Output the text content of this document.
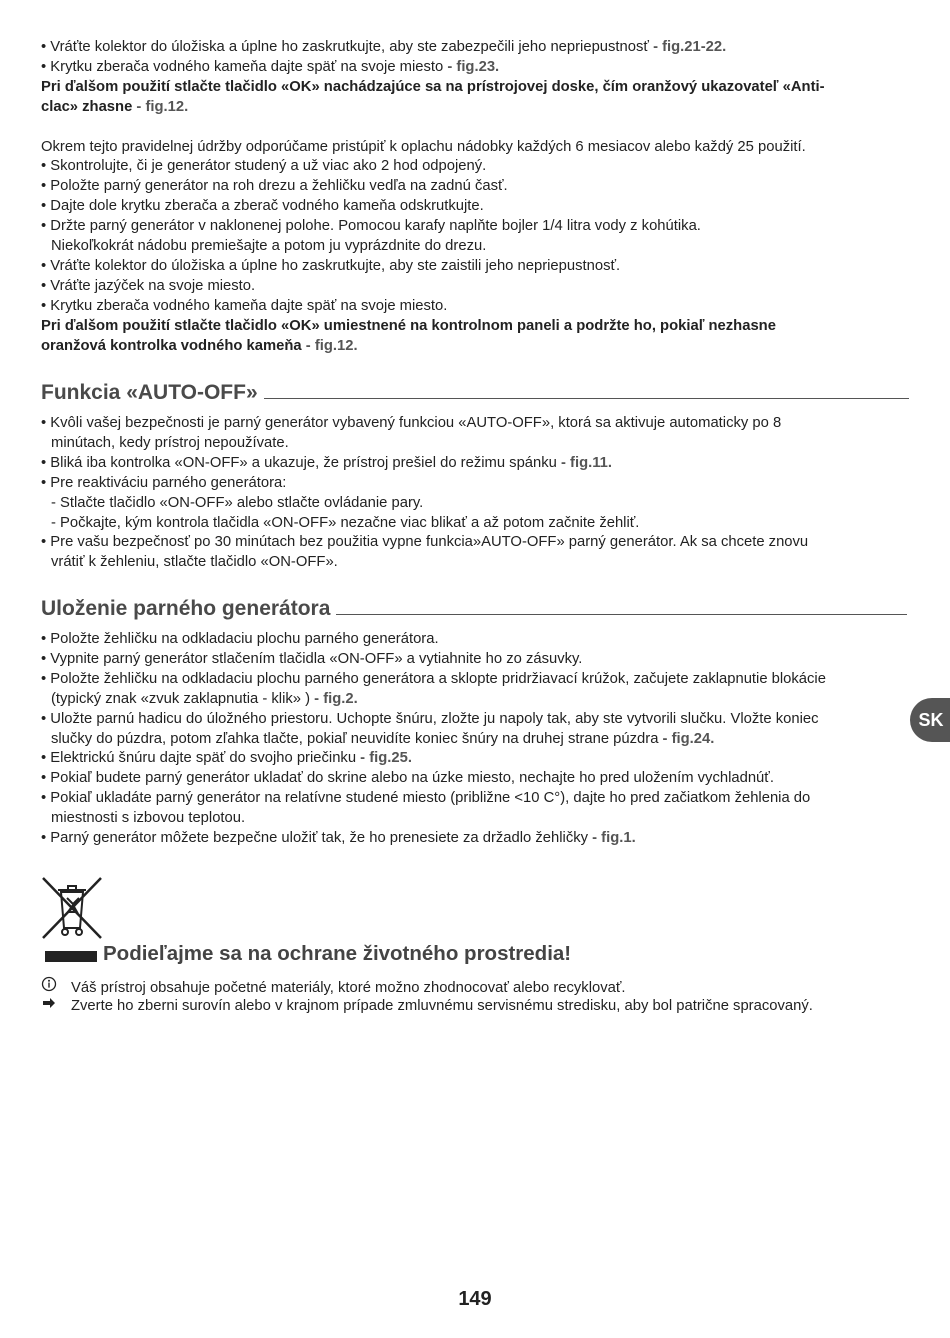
• Vráťte kolektor do úložiska a úplne ho zaskrutkujte, aby ste zabezpečili jeho nepriepustnosť - fig.21-22.

• Krytku zberača vodného kameňa dajte späť na svoje miesto - fig.23.

Pri ďalšom použití stlačte tlačidlo «OK» nachádzajúce sa na prístrojovej doske, čím oranžový ukazovateľ «Anti-

clac» zhasne - fig.12.

Okrem tejto pravidelnej údržby odporúčame pristúpiť k oplachu nádobky každých 6 mesiacov alebo každý 25 použití.

• Skontrolujte, či je generátor studený a už viac ako 2 hod odpojený.

• Položte parný generátor na roh drezu a žehličku vedľa na zadnú časť.

• Dajte dole krytku zberača a zberač vodného kameňa odskrutkujte.

• Držte parný generátor v naklonenej polohe. Pomocou karafy naplňte bojler 1/4 litra vody z kohútika.

Niekoľkokrát nádobu premiešajte a potom ju vyprázdnite do drezu.

• Vráťte kolektor do úložiska a úplne ho zaskrutkujte, aby ste zaistili jeho nepriepustnosť.

• Vráťte jazýček na svoje miesto.

• Krytku zberača vodného kameňa dajte späť na svoje miesto.

Pri ďalšom použití stlačte tlačidlo «OK» umiestnené na kontrolnom paneli a podržte ho, pokiaľ nezhasne

oranžová kontrolka vodného kameňa - fig.12.

Funkcia «AUTO-OFF»

• Kvôli vašej bezpečnosti je parný generátor vybavený funkciou «AUTO-OFF», ktorá sa aktivuje automaticky po 8

minútach, kedy prístroj nepoužívate.

• Bliká iba kontrolka «ON-OFF» a ukazuje, že prístroj prešiel do režimu spánku - fig.11.

• Pre reaktiváciu parného generátora:

- Stlačte tlačidlo «ON-OFF» alebo stlačte ovládanie pary.

- Počkajte, kým kontrola tlačidla «ON-OFF» nezačne viac blikať a až potom začnite žehliť.

• Pre vašu bezpečnosť po 30 minútach bez použitia vypne funkcia»AUTO-OFF» parný generátor. Ak sa chcete znovu

vrátiť k žehleniu, stlačte tlačidlo «ON-OFF».

Uloženie parného generátora

• Položte žehličku na odkladaciu plochu parného generátora.

• Vypnite parný generátor stlačením tlačidla «ON-OFF» a vytiahnite ho zo zásuvky.

• Položte žehličku na odkladaciu plochu parného generátora a sklopte pridržiavací krúžok, začujete zaklapnutie blokácie

(typický znak «zvuk zaklapnutia - klik» ) - fig.2.

• Uložte parnú hadicu do úložného priestoru. Uchopte šnúru, zložte ju napoly tak, aby ste vytvorili slučku. Vložte koniec

slučky do púzdra, potom zľahka tlačte, pokiaľ neuvidíte koniec šnúry na druhej strane púzdra - fig.24.

• Elektrickú šnúru dajte späť do svojho priečinku - fig.25.

• Pokiaľ budete parný generátor ukladať do skrine alebo na úzke miesto, nechajte ho pred uložením vychladnúť.

• Pokiaľ ukladáte parný generátor na relatívne studené miesto (približne <10 C°), dajte ho pred začiatkom žehlenia do

miestnosti s izbovou teplotou.

• Parný generátor môžete bezpečne uložiť tak, že ho prenesiete za držadlo žehličky - fig.1.

Podieľajme sa na ochrane životného prostredia!
Váš prístroj obsahuje početné materiály, ktoré možno zhodnocovať alebo recyklovať.
Zverte ho zberni surovín alebo v krajnom prípade zmluvnému servisnému stredisku, aby bol patrične spracovaný.
SK
149
